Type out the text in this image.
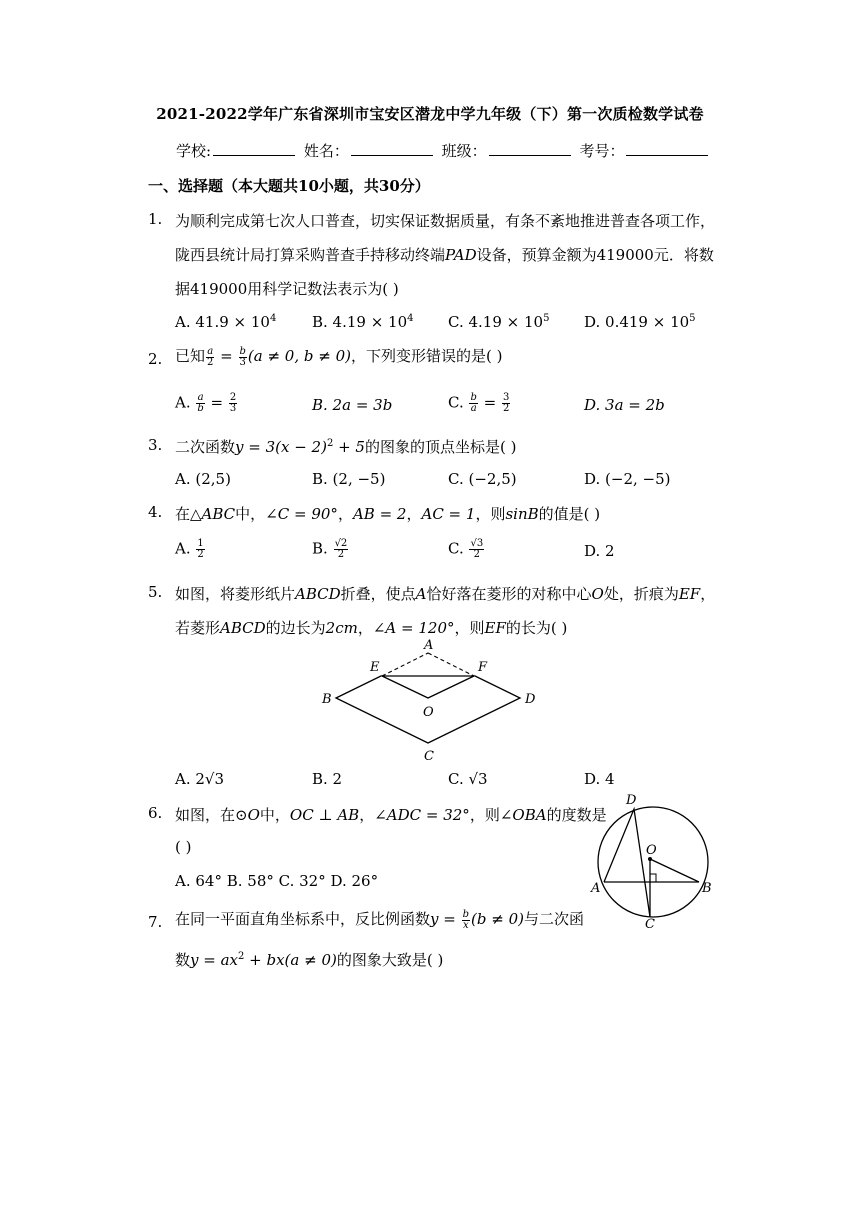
2021-2022学年广东省深圳市宝安区潜龙中学九年级（下）第一次质检数学试卷
学校:	姓名：	班级：	考号：
一、选择题（本大题共10小题，共30分）
1. 为顺利完成第七次人口普查，切实保证数据质量，有条不紊地推进普查各项工作，
陇西县统计局打算采购普查手持移动终端PAD设备，预算金额为419000元．将数
据419000用科学记数法表示为( )
A. $41.9 \times 10^4$ B. $4.19 \times 10^4$ C. $4.19 \times 10^5$ D. $0.419 \times 10^5$
2. 已知 $\frac{a}{2} = \frac{b}{3} (a \ne 0$, b ≠ 0)，下列变形错误的是( )
A. $\frac{a}{b} = \frac{2}{3}$	B. 2a = 3b	C. $\frac{b}{a} = \frac{3}{2}$	D. 3a = 2b
3. 二次函数$y = 3(x - 2)^2 + 5$的图象的顶点坐标是( )
A. (2,5)	B. (2, −5)	C. (−2,5)	D. (−2, −5)
4. 在△ABC中，∠C = 90°，AB = 2，AC = 1，则sinB的值是( )
A. $\frac{1}{2}$	B. $\frac{√2}{2}$	C. $\frac{√3}{2}$	D. 2
5. 如图，将菱形纸片ABCD折叠，使点A恰好落在菱形的对称中心O处，折痕为EF，
若菱形ABCD的边长为2cm，∠A = 120°，则EF的长为( )
A
B
C
D
E	F
O
A. 2√3	B. 2	C. √3	D. 4
6. 如图，在⊙O中，OC ⊥ AB，∠ADC = 32°，则∠OBA的度数是
( )
A. 64° B. 58° C. 32° D. 26°
D
O
A	B
C
7. 在同一平面直角坐标系中，反比例函数$y = \frac{b}{x} (b \ne 0)$与二次函
数$y = ax^2 + bx(a \ne 0)$的图象大致是( )
